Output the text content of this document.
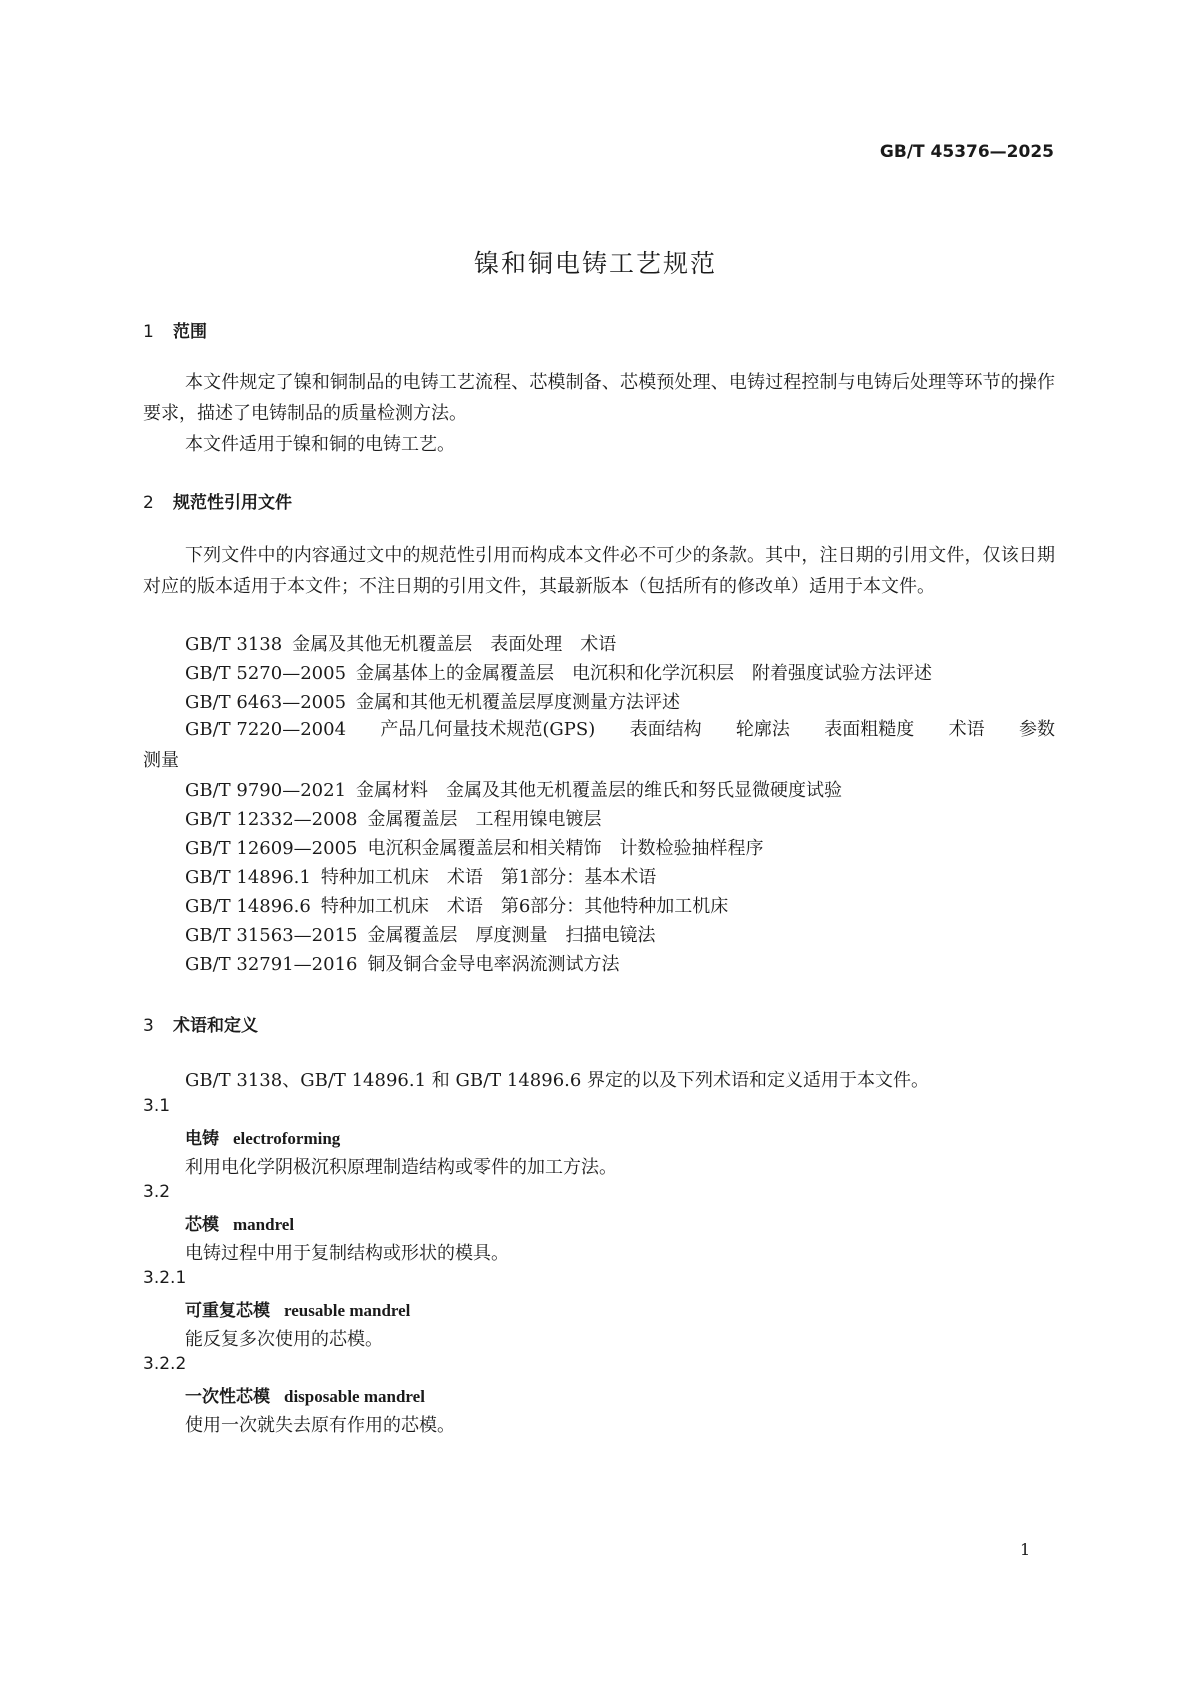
GB/T 45376—2025
镍和铜电铸工艺规范
1 范围

本文件规定了镍和铜制品的电铸工艺流程、芯模制备、芯模预处理、电铸过程控制与电铸后处理等环节的操作要求，描述了电铸制品的质量检测方法。

本文件适用于镍和铜的电铸工艺。

2 规范性引用文件

下列文件中的内容通过文中的规范性引用而构成本文件必不可少的条款。其中，注日期的引用文件，仅该日期对应的版本适用于本文件；不注日期的引用文件，其最新版本（包括所有的修改单）适用于本文件。

GB/T 3138 金属及其他无机覆盖层　表面处理　术语
GB/T 5270—2005 金属基体上的金属覆盖层　电沉积和化学沉积层　附着强度试验方法评述
GB/T 6463—2005 金属和其他无机覆盖层厚度测量方法评述
GB/T 7220—2004 产品几何量技术规范(GPS) 表面结构 轮廓法 表面粗糙度 术语 参数
测量
GB/T 9790—2021 金属材料　金属及其他无机覆盖层的维氏和努氏显微硬度试验
GB/T 12332—2008 金属覆盖层　工程用镍电镀层
GB/T 12609—2005 电沉积金属覆盖层和相关精饰　计数检验抽样程序
GB/T 14896.1 特种加工机床　术语　第1部分：基本术语
GB/T 14896.6 特种加工机床　术语　第6部分：其他特种加工机床
GB/T 31563—2015 金属覆盖层　厚度测量　扫描电镜法
GB/T 32791—2016 铜及铜合金导电率涡流测试方法
3 术语和定义
GB/T 3138、GB/T 14896.1 和 GB/T 14896.6 界定的以及下列术语和定义适用于本文件。
3.1
电铸 electroforming
利用电化学阴极沉积原理制造结构或零件的加工方法。
3.2
芯模 mandrel
电铸过程中用于复制结构或形状的模具。
3.2.1
可重复芯模 reusable mandrel
能反复多次使用的芯模。
3.2.2
一次性芯模 disposable mandrel
使用一次就失去原有作用的芯模。
1
